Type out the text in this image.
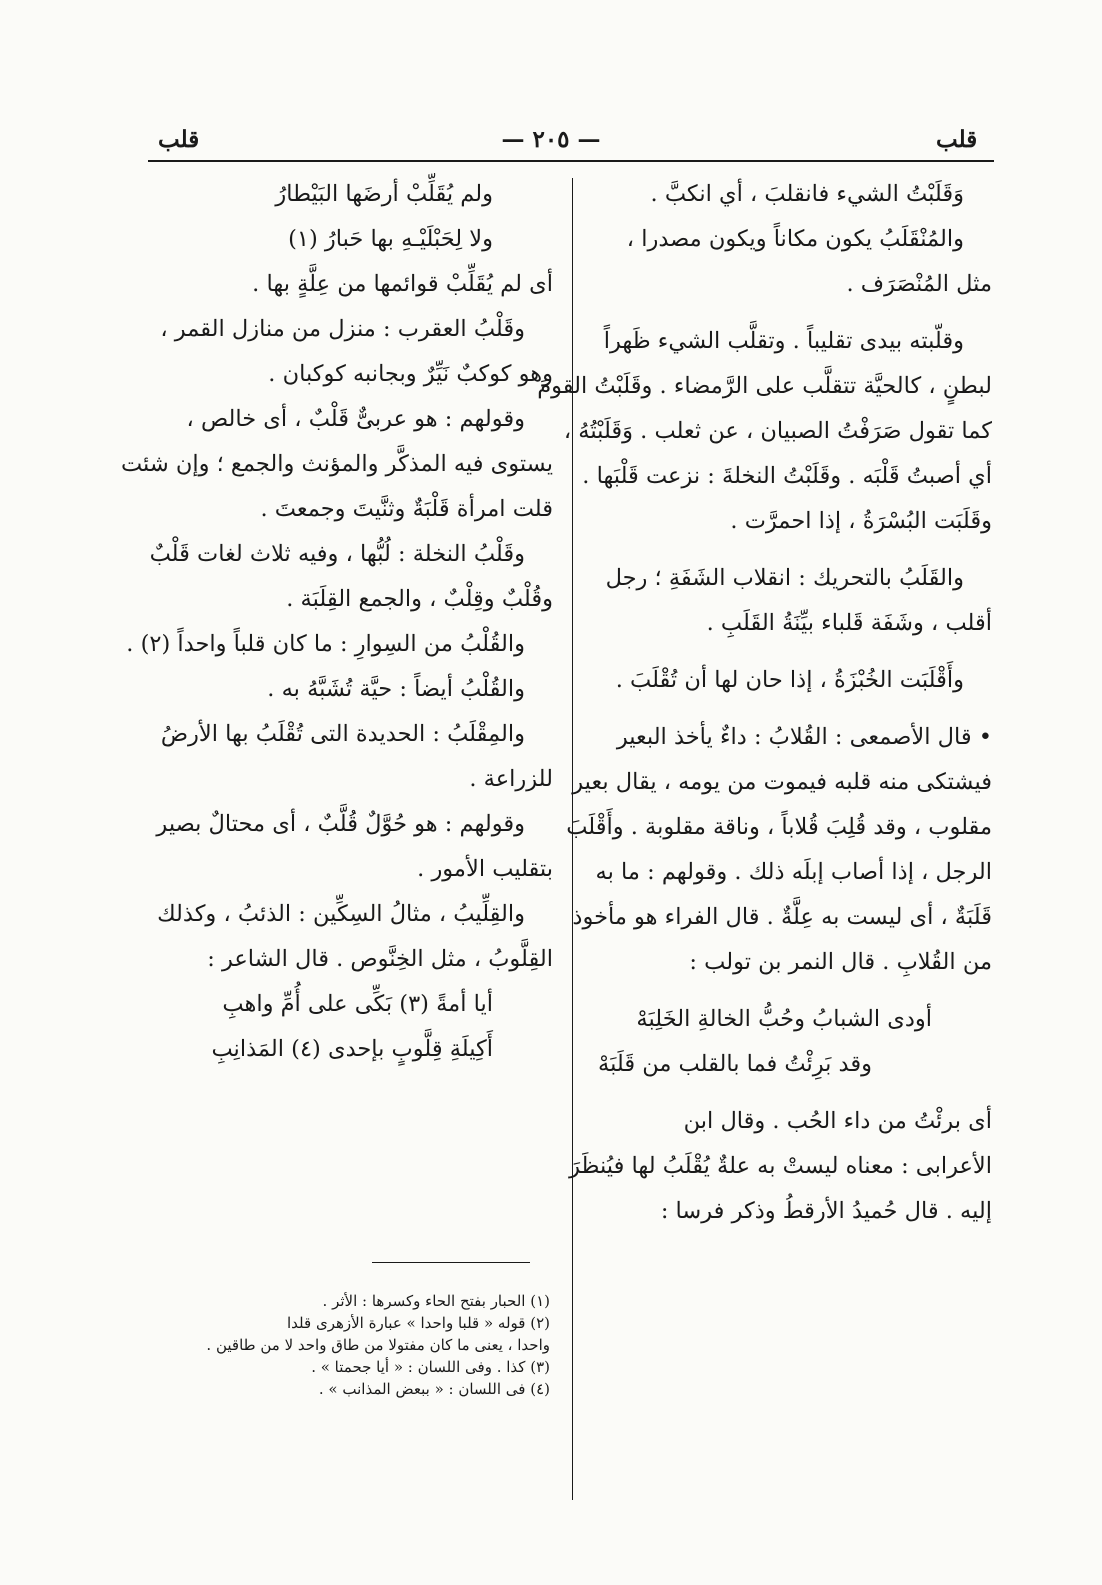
قلب
— ٢٠٥ —
قلب
وَقَلَبْتُ الشيء فانقلبَ ، أي انكبَّ .
والمُنْقَلَبُ يكون مكاناً ويكون مصدرا ،
مثل المُنْصَرَف .
وقلّبته بيدى تقليباً . وتقلَّب الشيء ظَهراً
لبطنٍ ، كالحيَّة تتقلَّب على الرَّمضاء . وقَلَبْتُ القومَ
كما تقول صَرَفْتُ الصبيان ، عن ثعلب . وَقَلَبْتُهُ ،
أي أصبتُ قَلْبَه . وقَلَبْتُ النخلةَ : نزعت قَلْبَها .
وقَلَبَت البُسْرَةُ ، إذا احمرَّت .
والقَلَبُ بالتحريك : انقلاب الشَفَةِ ؛ رجل
أقلب ، وشَفَة قَلباء بيِّنَةُ القَلَبِ .
وأَقْلَبَت الخُبْزَةُ ، إذا حان لها أن تُقْلَبَ .
• قال الأصمعى : القُلابُ : داءٌ يأخذ البعير
فيشتكى منه قلبه فيموت من يومه ، يقال بعير
مقلوب ، وقد قُلِبَ قُلاباً ، وناقة مقلوبة . وأَقْلَبَ
الرجل ، إذا أصاب إبلَه ذلك . وقولهم : ما به
قَلَبَةٌ ، أى ليست به عِلَّةٌ . قال الفراء هو مأخوذ
من القُلابِ . قال النمر بن تولب :
أودى الشبابُ وحُبُّ الخالةِ الخَلِبَهْ
وقد بَرِئْتُ فما بالقلب من قَلَبَهْ
أى برئْتُ من داء الحُب . وقال ابن
الأعرابى : معناه ليستْ به علةٌ يُقْلَبُ لها فيُنظَرَ
إليه . قال حُميدُ الأرقطُ وذكر فرسا :
ولم يُقَلِّبْ أرضَها البَيْطارُ
ولا لِحَبْلَيْـهِ بها حَبارُ (١)
أى لم يُقَلِّبْ قوائمها من عِلَّةٍ بها .
وقَلْبُ العقرب : منزل من منازل القمر ،
وهو كوكبٌ نَيِّرٌ وبجانبه كوكبان .
وقولهم : هو عربىٌّ قَلْبٌ ، أى خالص ،
يستوى فيه المذكَّر والمؤنث والجمع ؛ وإن شئت
قلت امرأة قَلْبَةٌ وثنَّيتَ وجمعتَ .
وقَلْبُ النخلة : لُبُّها ، وفيه ثلاث لغات قَلْبٌ
وقُلْبٌ وقِلْبٌ ، والجمع القِلَبَة .
والقُلْبُ من السِوارِ : ما كان قلباً واحداً (٢) .
والقُلْبُ أيضاً : حيَّة تُشَبَّهُ به .
والمِقْلَبُ : الحديدة التى تُقْلَبُ بها الأرضُ
للزراعة .
وقولهم : هو حُوَّلٌ قُلَّبٌ ، أى محتالٌ بصير
بتقليب الأمور .
والقِلِّيبُ ، مثالُ السِكِّين : الذئبُ ، وكذلك
القِلَّوبُ ، مثل الخِنَّوص . قال الشاعر :
أيا أمةً (٣) بَكِّى على أُمِّ واهبِ
أَكِيلَةِ قِلَّوبٍ بإحدى (٤) المَذانِبِ
(١) الحبار بفتح الحاء وكسرها : الأثر .
(٢) قوله « قلبا واحدا » عبارة الأزهرى قلدا
واحدا ، يعنى ما كان مفتولا من طاق واحد لا من طاقين .
(٣) كذا . وفى اللسان : « أيا جحمتا » .
(٤) فى اللسان : « ببعض المذانب » .
